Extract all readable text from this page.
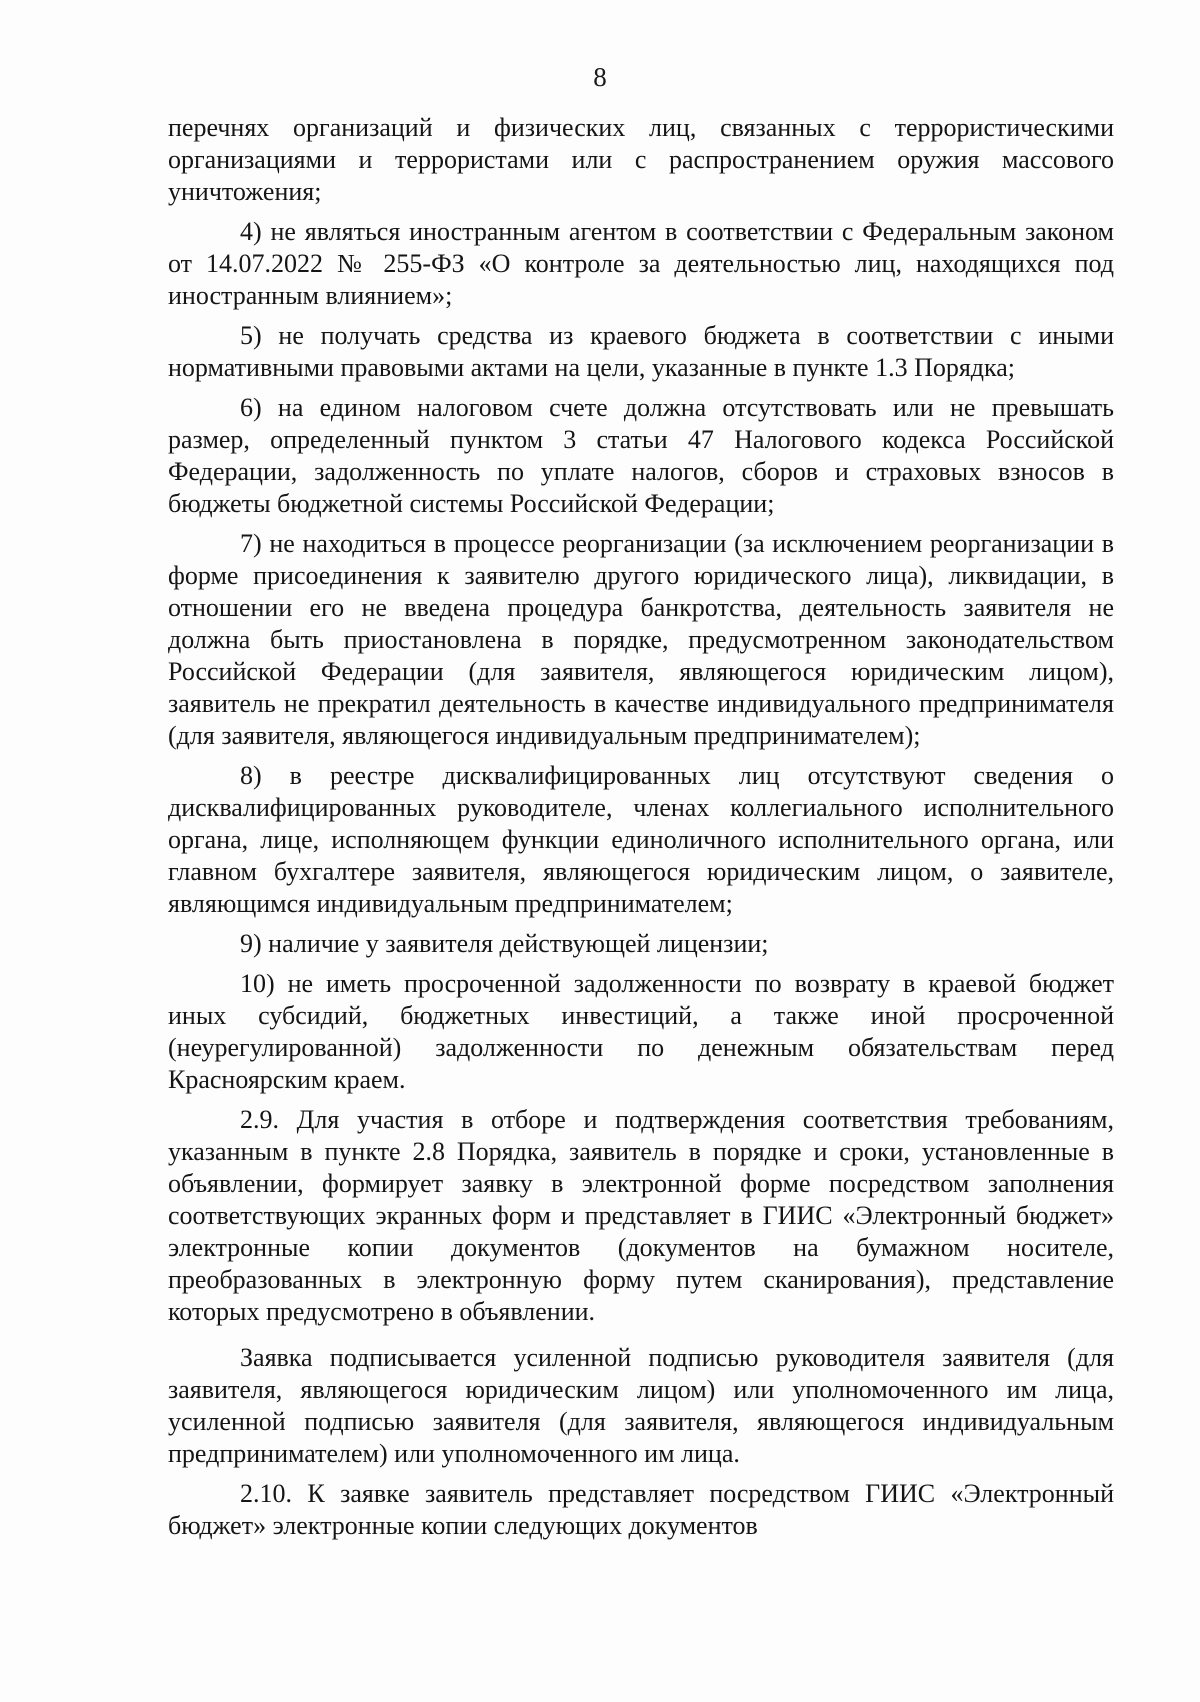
8

перечнях организаций и физических лиц, связанных с террористическими организациями и террористами или с распространением оружия массового уничтожения;

4) не являться иностранным агентом в соответствии с Федеральным законом от 14.07.2022 № 255-ФЗ «О контроле за деятельностью лиц, находящихся под иностранным влиянием»;

5) не получать средства из краевого бюджета в соответствии с иными нормативными правовыми актами на цели, указанные в пункте 1.3 Порядка;

6) на едином налоговом счете должна отсутствовать или не превышать размер, определенный пунктом 3 статьи 47 Налогового кодекса Российской Федерации, задолженность по уплате налогов, сборов и страховых взносов в бюджеты бюджетной системы Российской Федерации;

7) не находиться в процессе реорганизации (за исключением реорганизации в форме присоединения к заявителю другого юридического лица), ликвидации, в отношении его не введена процедура банкротства, деятельность заявителя не должна быть приостановлена в порядке, предусмотренном законодательством Российской Федерации (для заявителя, являющегося юридическим лицом), заявитель не прекратил деятельность в качестве индивидуального предпринимателя (для заявителя, являющегося индивидуальным предпринимателем);

8) в реестре дисквалифицированных лиц отсутствуют сведения о дисквалифицированных руководителе, членах коллегиального исполнительного органа, лице, исполняющем функции единоличного исполнительного органа, или главном бухгалтере заявителя, являющегося юридическим лицом, о заявителе, являющимся индивидуальным предпринимателем;

9) наличие у заявителя действующей лицензии;

10) не иметь просроченной задолженности по возврату в краевой бюджет иных субсидий, бюджетных инвестиций, а также иной просроченной (неурегулированной) задолженности по денежным обязательствам перед Красноярским краем.

2.9. Для участия в отборе и подтверждения соответствия требованиям, указанным в пункте 2.8 Порядка, заявитель в порядке и сроки, установленные в объявлении, формирует заявку в электронной форме посредством заполнения соответствующих экранных форм и представляет в ГИИС «Электронный бюджет» электронные копии документов (документов на бумажном носителе, преобразованных в электронную форму путем сканирования), представление которых предусмотрено в объявлении.

Заявка подписывается усиленной подписью руководителя заявителя (для заявителя, являющегося юридическим лицом) или уполномоченного им лица, усиленной подписью заявителя (для заявителя, являющегося индивидуальным предпринимателем) или уполномоченного им лица.

2.10. К заявке заявитель представляет посредством ГИИС «Электронный бюджет» электронные копии следующих документов
